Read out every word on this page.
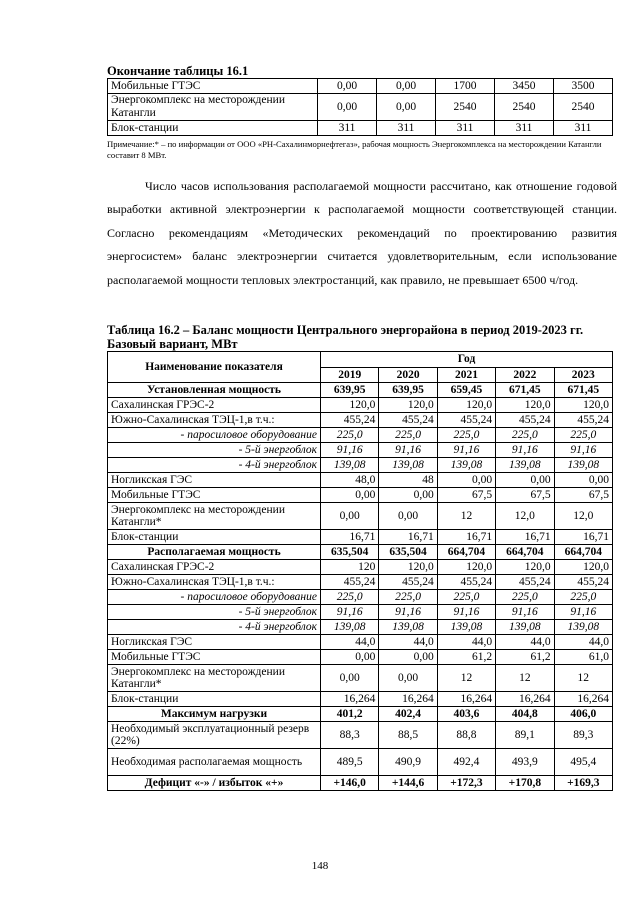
Окончание таблицы 16.1
Мобильные ГТЭС	0,00	0,00	1700	3450	3500
Энергокомплекс на месторождении Катангли	0,00	0,00	2540	2540	2540
Блок-станции	311	311	311	311	311
Примечание:* – по информации от ООО «РН-Сахалинморнефтегаз», рабочая мощность Энергокомплекса на месторождении Катангли составит 8 МВт.

Число часов использования располагаемой мощности рассчитано, как отношение годовой выработки активной электроэнергии к располагаемой мощности соответствующей станции. Согласно рекомендациям «Методических рекомендаций по проектированию развития энергосистем» баланс электроэнергии считается удовлетворительным, если использование располагаемой мощности тепловых электростанций, как правило, не превышает 6500 ч/год.

Таблица 16.2 – Баланс мощности Центрального энергорайона в период 2019-2023 гг. Базовый вариант, МВт
Наименование показателя	Год				
	2019	2020	2021	2022	2023
Установленная мощность	639,95	639,95	659,45	671,45	671,45
Сахалинская ГРЭС-2	120,0	120,0	120,0	120,0	120,0
Южно-Сахалинская ТЭЦ-1,в т.ч.:	455,24	455,24	455,24	455,24	455,24
- паросиловое оборудование	225,0	225,0	225,0	225,0	225,0
- 5-й энергоблок	91,16	91,16	91,16	91,16	91,16
- 4-й энергоблок	139,08	139,08	139,08	139,08	139,08
Ногликская ГЭС	48,0	48	0,00	0,00	0,00
Мобильные ГТЭС	0,00	0,00	67,5	67,5	67,5
Энергокомплекс на месторождении Катангли*	0,00	0,00	12	12,0	12,0
Блок-станции	16,71	16,71	16,71	16,71	16,71
Располагаемая мощность	635,504	635,504	664,704	664,704	664,704
Сахалинская ГРЭС-2	120	120,0	120,0	120,0	120,0
Южно-Сахалинская ТЭЦ-1,в т.ч.:	455,24	455,24	455,24	455,24	455,24
- паросиловое оборудование	225,0	225,0	225,0	225,0	225,0
- 5-й энергоблок	91,16	91,16	91,16	91,16	91,16
- 4-й энергоблок	139,08	139,08	139,08	139,08	139,08
Ногликская ГЭС	44,0	44,0	44,0	44,0	44,0
Мобильные ГТЭС	0,00	0,00	61,2	61,2	61,0
Энергокомплекс на месторождении Катангли*	0,00	0,00	12	12	12
Блок-станции	16,264	16,264	16,264	16,264	16,264
Максимум нагрузки	401,2	402,4	403,6	404,8	406,0
Необходимый эксплуатационный резерв (22%)	88,3	88,5	88,8	89,1	89,3
Необходимая располагаемая мощность	489,5	490,9	492,4	493,9	495,4
Дефицит «-» / избыток «+»	+146,0	+144,6	+172,3	+170,8	+169,3
148
